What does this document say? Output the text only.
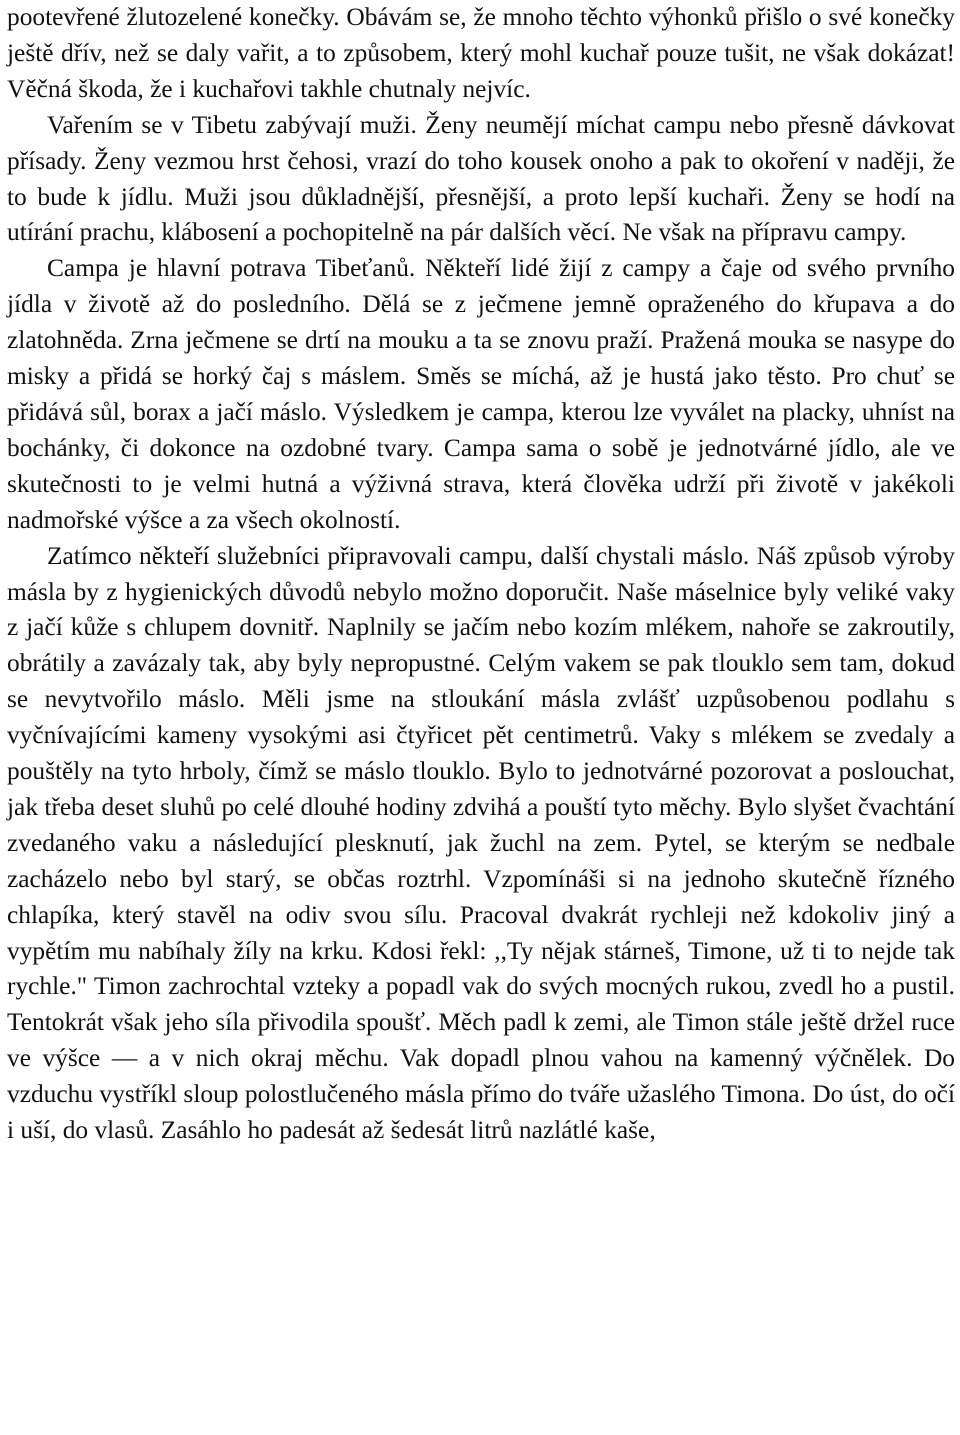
pootevřené žlutozelené konečky. Obávám se, že mnoho těchto výhonků přišlo o své konečky ještě dřív, než se daly vařit, a to způsobem, který mohl kuchař pouze tušit, ne však dokázat! Věčná škoda, že i kuchařovi takhle chutnaly nejvíc.

Vařením se v Tibetu zabývají muži. Ženy neumějí míchat campu nebo přesně dávkovat přísady. Ženy vezmou hrst čehosi, vrazí do toho kousek onoho a pak to okoření v naději, že to bude k jídlu. Muži jsou důkladnější, přesnější, a proto lepší kuchaři. Ženy se hodí na utírání prachu, klábosení a pochopitelně na pár dalších věcí. Ne však na přípravu campy.

Campa je hlavní potrava Tibeťanů. Někteří lidé žijí z campy a čaje od svého prvního jídla v životě až do posledního. Dělá se z ječmene jemně opraženého do křupava a do zlatohněda. Zrna ječmene se drtí na mouku a ta se znovu praží. Pražená mouka se nasype do misky a přidá se horký čaj s máslem. Směs se míchá, až je hustá jako těsto. Pro chuť se přidává sůl, borax a jačí máslo. Výsledkem je campa, kterou lze vyválet na placky, uhníst na bochánky, či dokonce na ozdobné tvary. Campa sama o sobě je jednotvárné jídlo, ale ve skutečnosti to je velmi hutná a výživná strava, která člověka udrží při životě v jakékoli nadmořské výšce a za všech okolností.

Zatímco někteří služebníci připravovali campu, další chystali máslo. Náš způsob výroby másla by z hygienických důvodů nebylo možno doporučit. Naše máselnice byly veliké vaky z jačí kůže s chlupem dovnitř. Naplnily se jačím nebo kozím mlékem, nahoře se zakroutily, obrátily a zavázaly tak, aby byly nepropustné. Celým vakem se pak tlouklo sem tam, dokud se nevytvořilo máslo. Měli jsme na stloukání másla zvlášť uzpůsobenou podlahu s vyčnívajícími kameny vysokými asi čtyřicet pět centimetrů. Vaky s mlékem se zvedaly a pouštěly na tyto hrboly, čímž se máslo tlouklo. Bylo to jednotvárné pozorovat a poslouchat, jak třeba deset sluhů po celé dlouhé hodiny zdvihá a pouští tyto měchy. Bylo slyšet čvachtání zvedaného vaku a následující plesknutí, jak žuchl na zem. Pytel, se kterým se nedbale zacházelo nebo byl starý, se občas roztrhl. Vzpomínáši si na jednoho skutečně řízného chlapíka, který stavěl na odiv svou sílu. Pracoval dvakrát rychleji než kdokoliv jiný a vypětím mu nabíhaly žíly na krku. Kdosi řekl: ,,Ty nějak stárneš, Timone, už ti to nejde tak rychle." Timon zachrochtal vzteky a popadl vak do svých mocných rukou, zvedl ho a pustil. Tentokrát však jeho síla přivodila spoušť. Měch padl k zemi, ale Timon stále ještě držel ruce ve výšce — a v nich okraj měchu. Vak dopadl plnou vahou na kamenný výčnělek. Do vzduchu vystříkl sloup polostlučeného másla přímo do tváře užaslého Timona. Do úst, do očí i uší, do vlasů. Zasáhlo ho padesát až šedesát litrů nazlátlé kaše,
